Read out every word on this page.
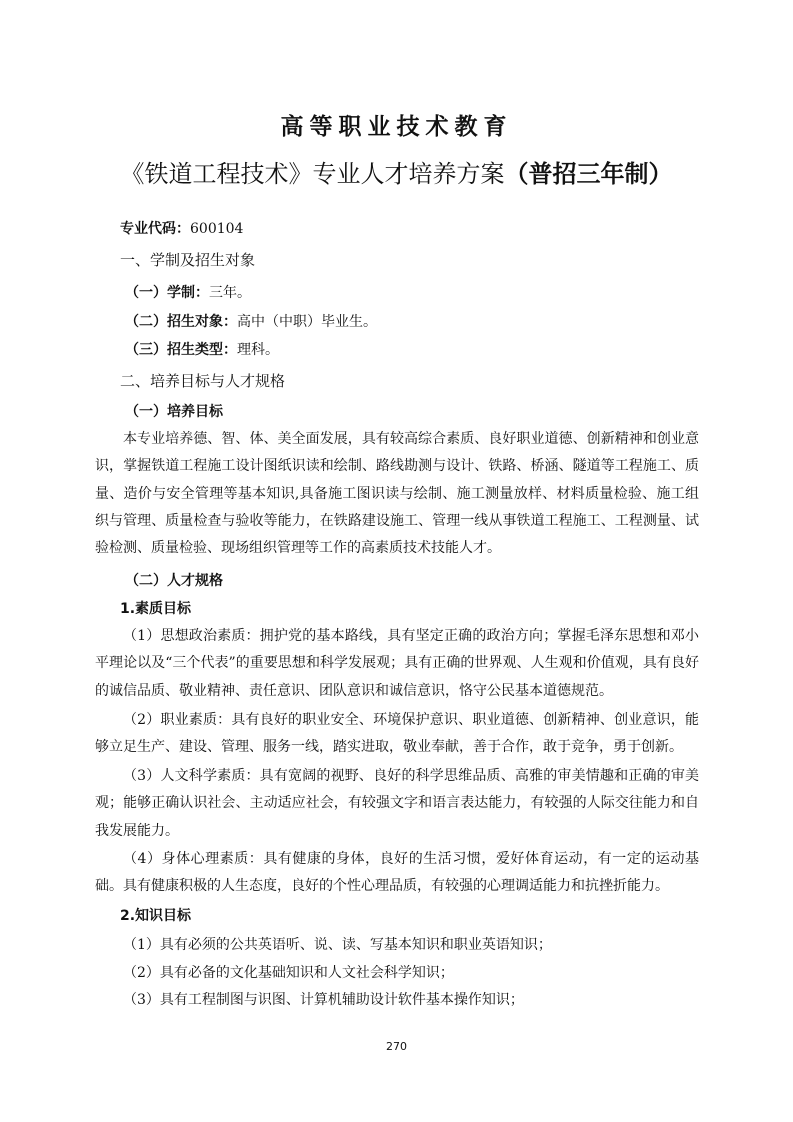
高等职业技术教育
《铁道工程技术》专业人才培养方案（普招三年制）
专业代码：600104
一、学制及招生对象
（一）学制：三年。
（二）招生对象：高中（中职）毕业生。
（三）招生类型：理科。
二、培养目标与人才规格
（一）培养目标

本专业培养德、智、体、美全面发展，具有较高综合素质、良好职业道德、创新精神和创业意识，掌握铁道工程施工设计图纸识读和绘制、路线勘测与设计、铁路、桥涵、隧道等工程施工、质量、造价与安全管理等基本知识,具备施工图识读与绘制、施工测量放样、材料质量检验、施工组织与管理、质量检查与验收等能力，在铁路建设施工、管理一线从事铁道工程施工、工程测量、试验检测、质量检验、现场组织管理等工作的高素质技术技能人才。

（二）人才规格
1.素质目标

（1）思想政治素质：拥护党的基本路线，具有坚定正确的政治方向；掌握毛泽东思想和邓小平理论以及“三个代表”的重要思想和科学发展观；具有正确的世界观、人生观和价值观，具有良好的诚信品质、敬业精神、责任意识、团队意识和诚信意识，恪守公民基本道德规范。

（2）职业素质：具有良好的职业安全、环境保护意识、职业道德、创新精神、创业意识，能够立足生产、建设、管理、服务一线，踏实进取，敬业奉献，善于合作，敢于竞争，勇于创新。

（3）人文科学素质：具有宽阔的视野、良好的科学思维品质、高雅的审美情趣和正确的审美观；能够正确认识社会、主动适应社会，有较强文字和语言表达能力，有较强的人际交往能力和自我发展能力。

（4）身体心理素质：具有健康的身体，良好的生活习惯，爱好体育运动，有一定的运动基础。具有健康积极的人生态度，良好的个性心理品质，有较强的心理调适能力和抗挫折能力。

2.知识目标
（1）具有必须的公共英语听、说、读、写基本知识和职业英语知识；
（2）具有必备的文化基础知识和人文社会科学知识；
（3）具有工程制图与识图、计算机辅助设计软件基本操作知识；
270
